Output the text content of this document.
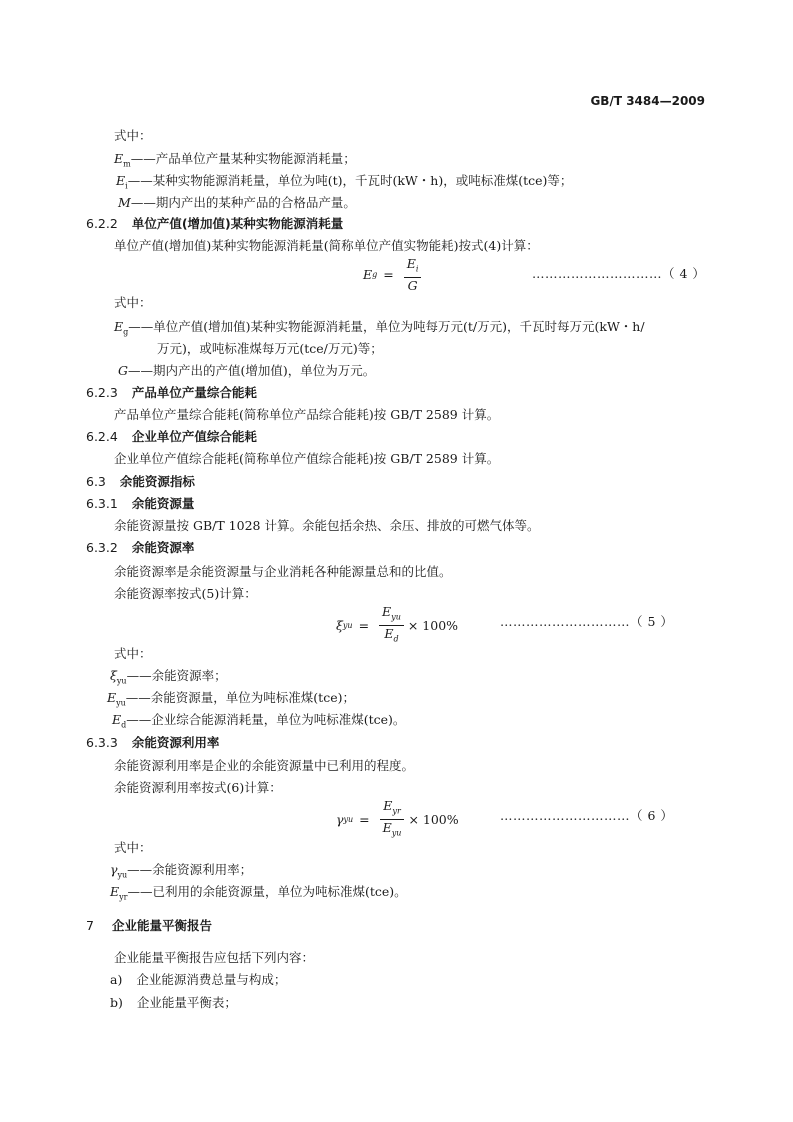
GB/T 3484—2009
式中：
$E_m——$产品单位产量某种实物能源消耗量；
$E_i——$某种实物能源消耗量，单位为吨(t)，千瓦时(kW・h)，或吨标准煤(tce)等；
M——期内产出的某种产品的合格品产量。
6.2.2 单位产值(增加值)某种实物能源消耗量
单位产值(增加值)某种实物能源消耗量(简称单位产值实物能耗)按式(4)计算：
E $g = \frac{E_i}{G}$	…………………………（ 4 ）
式中：
$E_g——$单位产值(增加值)某种实物能源消耗量，单位为吨每万元(t/万元)，千瓦时每万元(kW・h/
万元)，或吨标准煤每万元(tce/万元)等；
G——期内产出的产值(增加值)，单位为万元。
6.2.3 产品单位产量综合能耗
产品单位产量综合能耗(简称单位产品综合能耗)按 GB/T 2589 计算。
6.2.4 企业单位产值综合能耗
企业单位产值综合能耗(简称单位产值综合能耗)按 GB/T 2589 计算。
6.3 余能资源指标
6.3.1 余能资源量
余能资源量按 GB/T 1028 计算。余能包括余热、余压、排放的可燃气体等。
6.3.2 余能资源率
余能资源率是余能资源量与企业消耗各种能源量总和的比值。
余能资源率按式(5)计算：
ξ yu = $\frac{E_{yu}}{E_d} \times 100\%$	…………………………（ 5 ）
式中：
$\xi_{yu}——$余能资源率；
$E_{yu}——$余能资源量，单位为吨标准煤(tce)；
$E_d——$企业综合能源消耗量，单位为吨标准煤(tce)。
6.3.3 余能资源利用率
余能资源利用率是企业的余能资源量中已利用的程度。
余能资源利用率按式(6)计算：
γ yu = $\frac{E_{yr}}{E_{yu}} \times 100\%$	…………………………（ 6 ）
式中：
$\gamma_{yu}——$余能资源利用率；
$E_{yr}——$已利用的余能资源量，单位为吨标准煤(tce)。
7 企业能量平衡报告
企业能量平衡报告应包括下列内容：
a) 企业能源消费总量与构成；
b) 企业能量平衡表；
